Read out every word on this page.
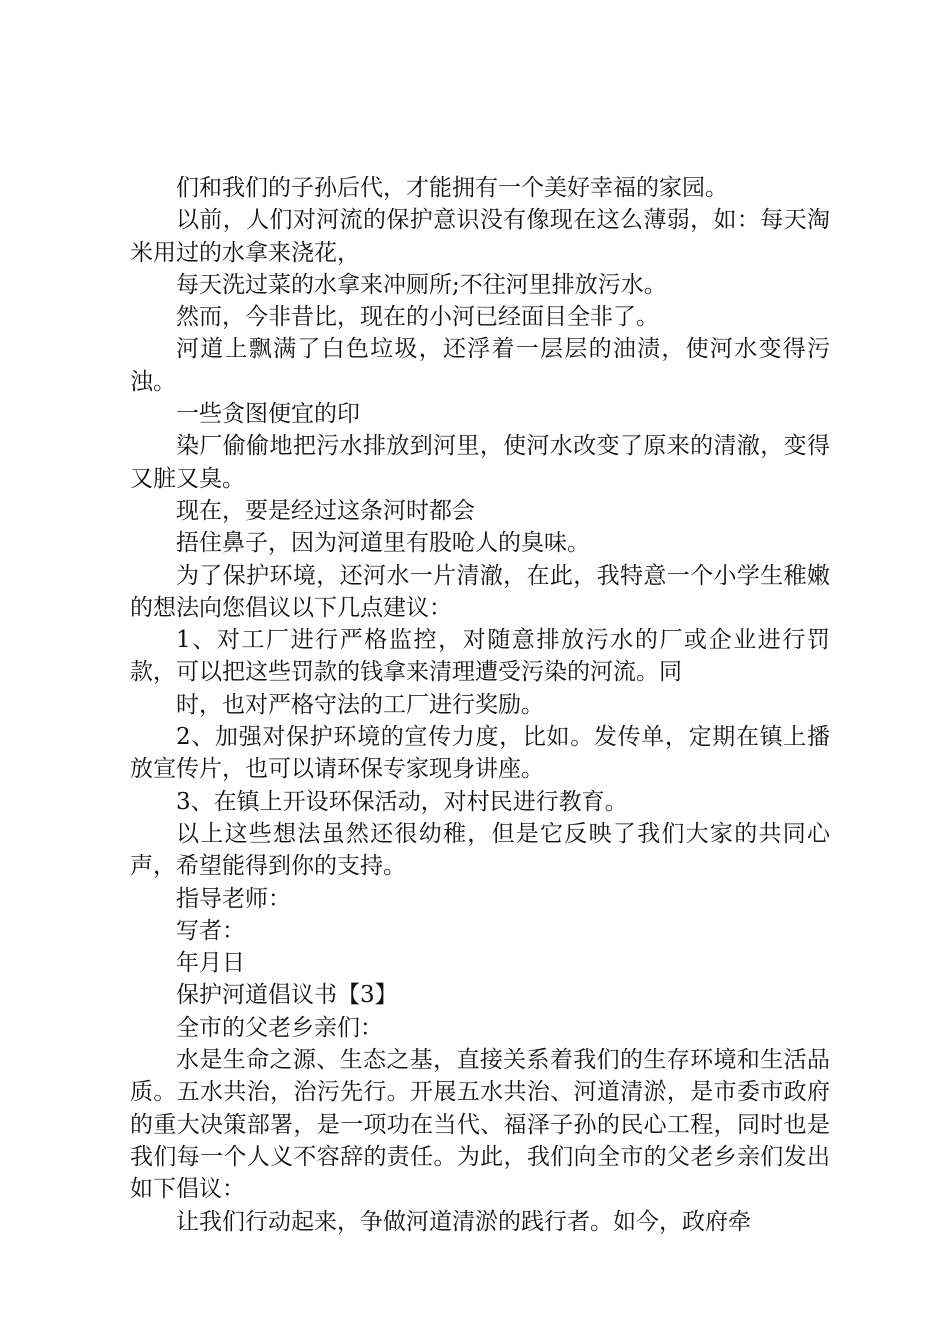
们和我们的子孙后代，才能拥有一个美好幸福的家园。

以前，人们对河流的保护意识没有像现在这么薄弱，如：每天淘米用过的水拿来浇花，

每天洗过菜的水拿来冲厕所;不往河里排放污水。

然而，今非昔比，现在的小河已经面目全非了。

河道上飘满了白色垃圾，还浮着一层层的油渍，使河水变得污浊。

一些贪图便宜的印

染厂偷偷地把污水排放到河里，使河水改变了原来的清澈，变得又脏又臭。

现在，要是经过这条河时都会

捂住鼻子，因为河道里有股呛人的臭味。

为了保护环境，还河水一片清澈，在此，我特意一个小学生稚嫩的想法向您倡议以下几点建议：

1、对工厂进行严格监控，对随意排放污水的厂或企业进行罚款，可以把这些罚款的钱拿来清理遭受污染的河流。同

时，也对严格守法的工厂进行奖励。

2、加强对保护环境的宣传力度，比如。发传单，定期在镇上播放宣传片，也可以请环保专家现身讲座。

3、在镇上开设环保活动，对村民进行教育。

以上这些想法虽然还很幼稚，但是它反映了我们大家的共同心声，希望能得到你的支持。

指导老师：

写者：

年月日

保护河道倡议书【3】

全市的父老乡亲们：

水是生命之源、生态之基，直接关系着我们的生存环境和生活品质。五水共治，治污先行。开展五水共治、河道清淤，是市委市政府的重大决策部署，是一项功在当代、福泽子孙的民心工程，同时也是我们每一个人义不容辞的责任。为此，我们向全市的父老乡亲们发出如下倡议：

让我们行动起来，争做河道清淤的践行者。如今，政府牵
